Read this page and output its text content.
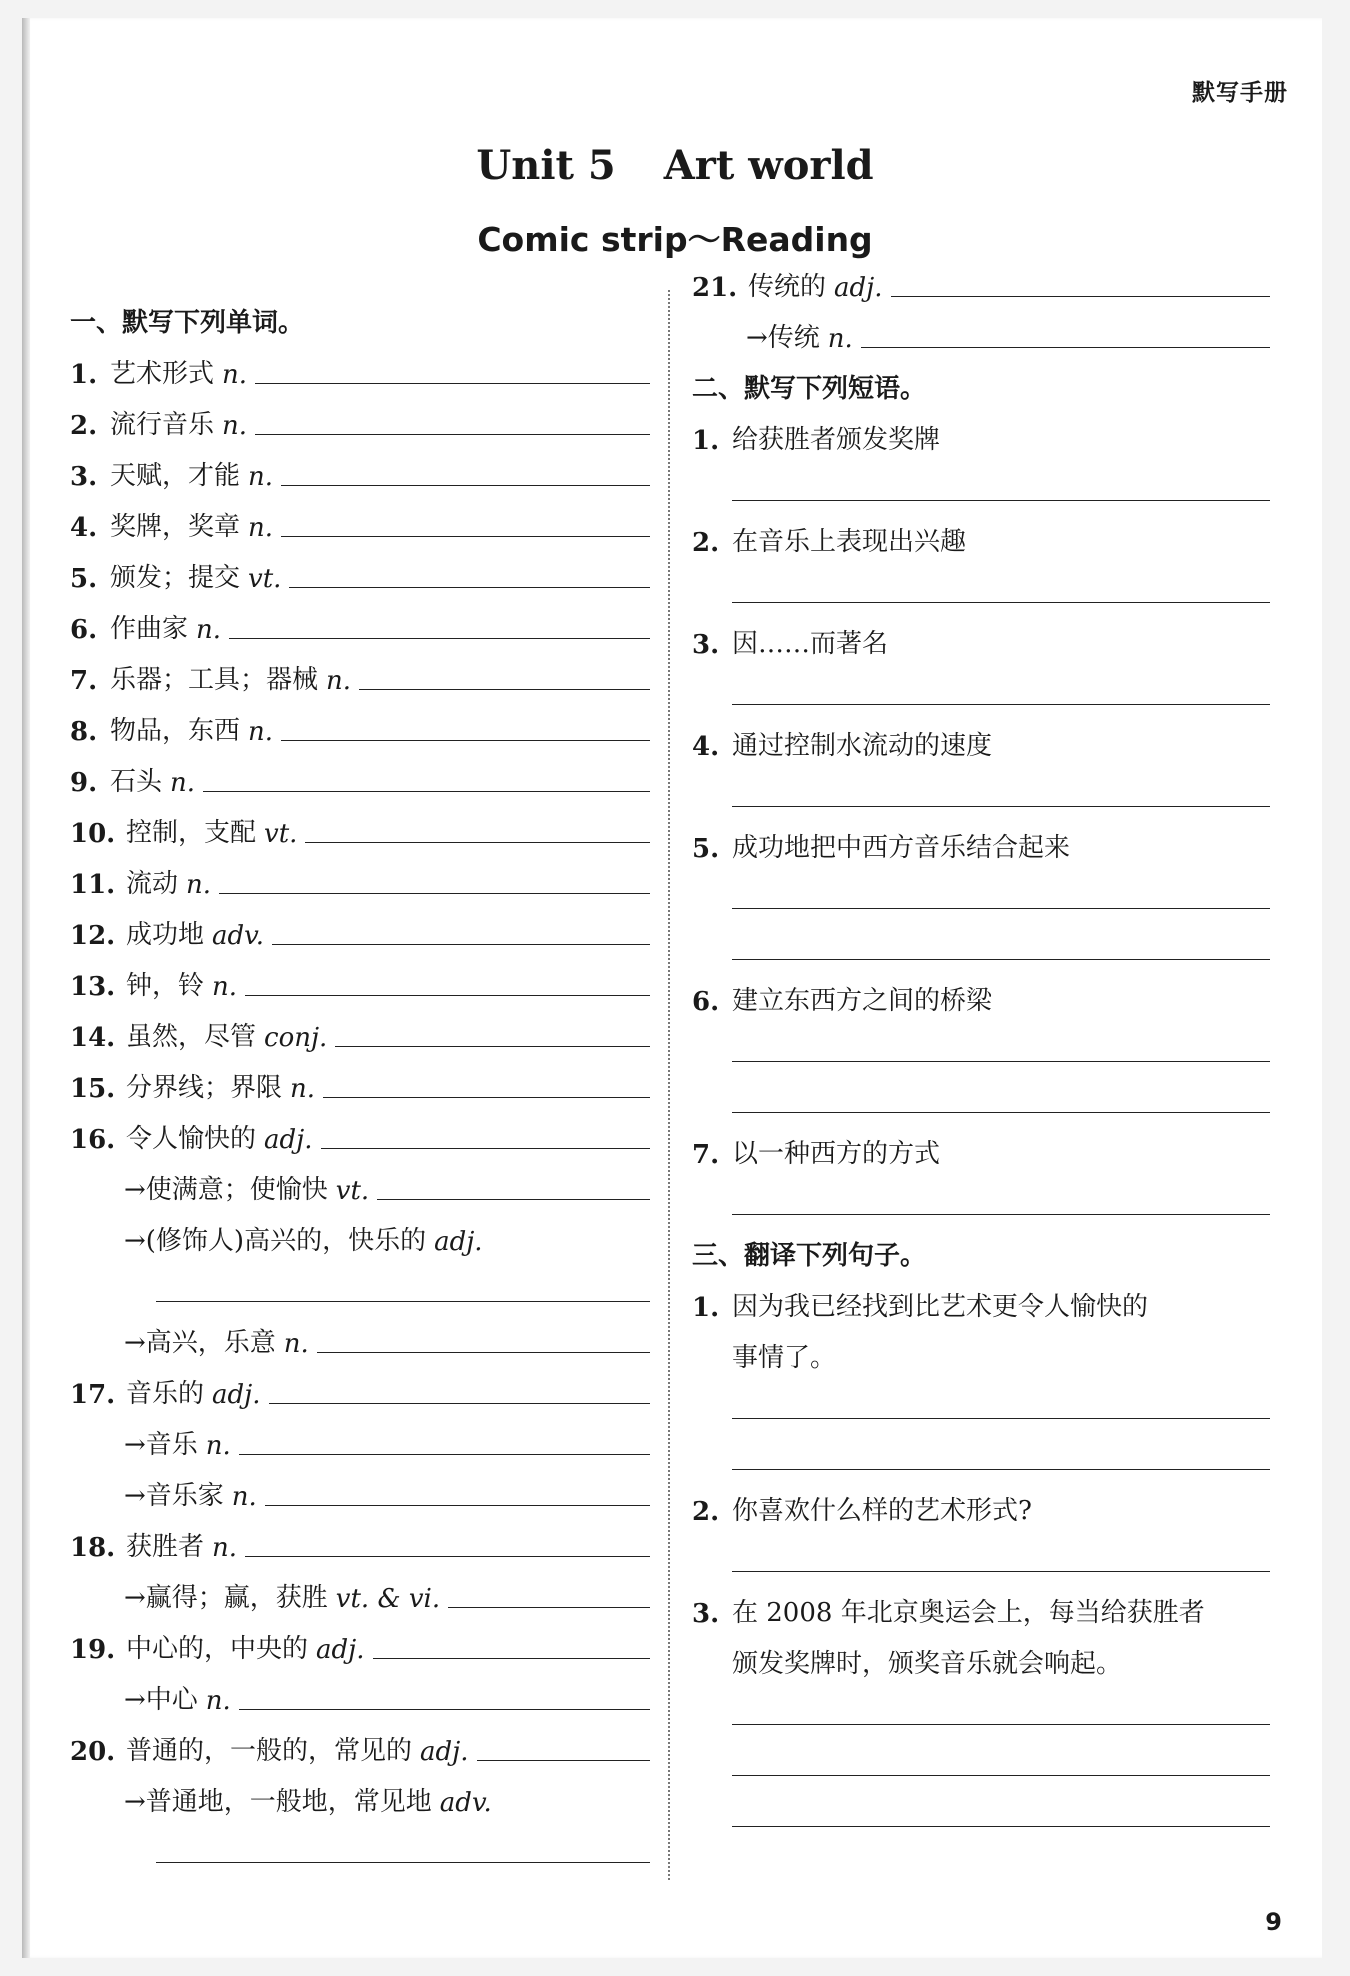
默写手册
Unit 5 Art world
Comic strip～Reading
一、默写下列单词。
1. 艺术形式 n.
2. 流行音乐 n.
3. 天赋，才能 n.
4. 奖牌，奖章 n.
5. 颁发；提交 vt.
6. 作曲家 n.
7. 乐器；工具；器械 n.
8. 物品，东西 n.
9. 石头 n.
10. 控制，支配 vt.
11. 流动 n.
12. 成功地 adv.
13. 钟，铃 n.
14. 虽然，尽管 conj.
15. 分界线；界限 n.
16. 令人愉快的 adj.
→使满意；使愉快 vt.
→(修饰人)高兴的，快乐的 adj.
→高兴，乐意 n.
17. 音乐的 adj.
→音乐 n.
→音乐家 n.
18. 获胜者 n.
→赢得；赢，获胜 vt. & vi.
19. 中心的，中央的 adj.
→中心 n.
20. 普通的，一般的，常见的 adj.
→普通地，一般地，常见地 adv.
21. 传统的 adj.
→传统 n.
二、默写下列短语。
1. 给获胜者颁发奖牌
2. 在音乐上表现出兴趣
3. 因……而著名
4. 通过控制水流动的速度
5. 成功地把中西方音乐结合起来
6. 建立东西方之间的桥梁
7. 以一种西方的方式
三、翻译下列句子。
1. 因为我已经找到比艺术更令人愉快的
事情了。
2. 你喜欢什么样的艺术形式?
3. 在 2008 年北京奥运会上，每当给获胜者
颁发奖牌时，颁奖音乐就会响起。
9
